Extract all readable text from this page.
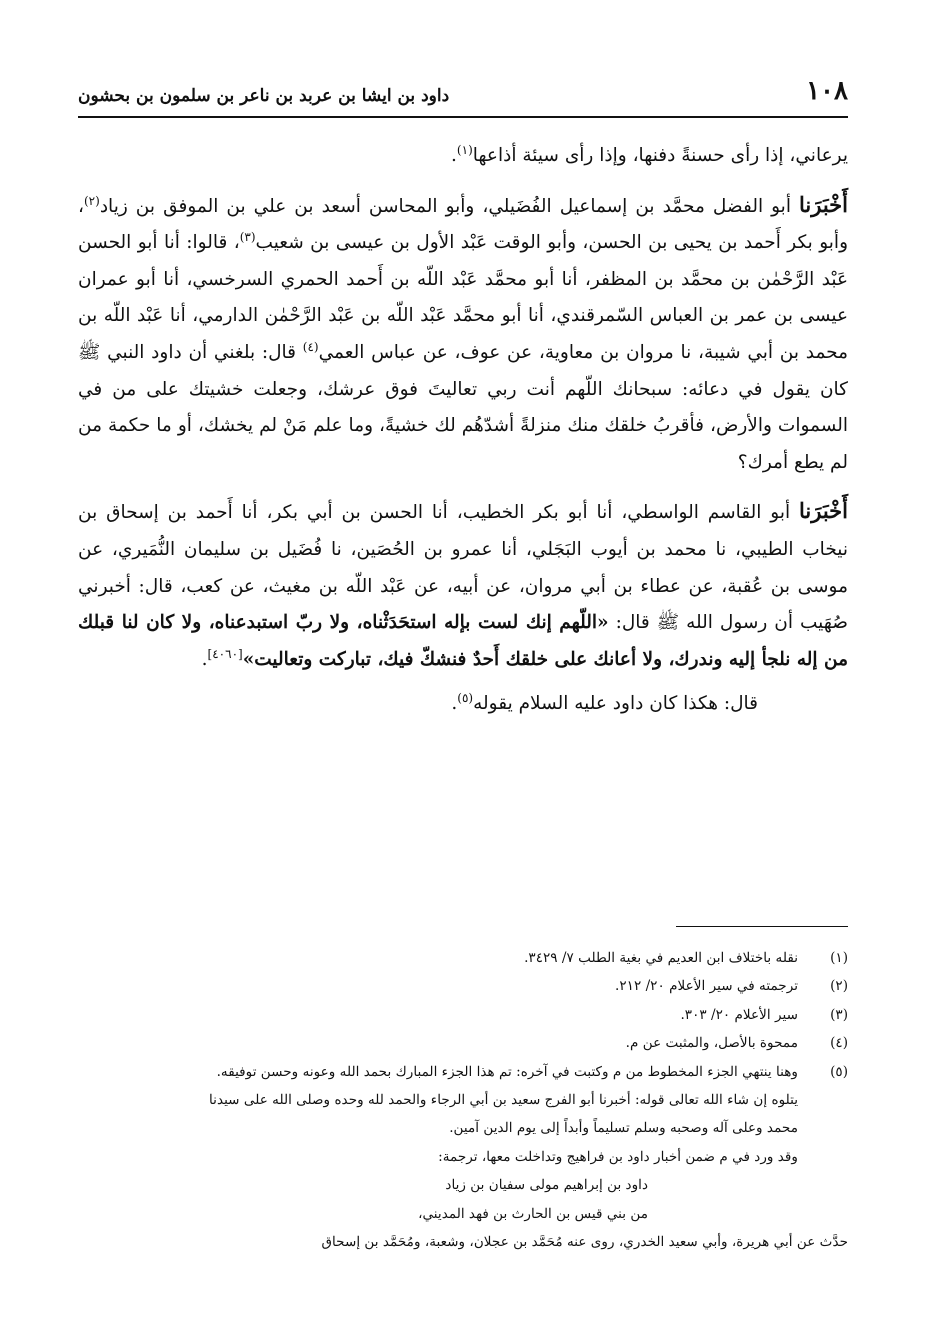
١٠٨
داود بن ايشا بن عربد بن ناعر بن سلمون بن بحشون

يرعاني، إذا رأى حسنةً دفنها، وإذا رأى سيئة أذاعها$^{(١)}$.

أَخْبَرَنا أبو الفضل محمَّد بن إسماعيل الفُضَيلي، وأبو المحاسن أسعد بن علي بن الموفق بن زياد$^{(٢)}$، وأبو بكر أَحمد بن يحيى بن الحسن، وأبو الوقت عَبْد الأول بن عيسى بن شعيب$^{(٣)}$، قالوا: أنا أبو الحسن عَبْد الرَّحْمٰن بن محمَّد بن المظفر، أنا أبو محمَّد عَبْد اللّه بن أَحمد الحمري السرخسي، أنا أبو عمران عيسى بن عمر بن العباس السّمرقندي، أنا أبو محمَّد عَبْد اللّه بن عَبْد الرَّحْمٰن الدارمي، أنا عَبْد اللّه بن محمد بن أبي شيبة، نا مروان بن معاوية، عن عوف، عن عباس العمي$^{(٤)}$ قال: بلغني أن داود النبي ﷺ كان يقول في دعائه: سبحانك اللّهم أنت ربي تعاليتَ فوق عرشك، وجعلت خشيتك على من في السموات والأرض، فأقربُ خلقك منك منزلةً أشدّهُم لك خشيةً، وما علم مَنْ لم يخشك، أو ما حكمة من لم يطع أمرك؟

أَخْبَرَنا أبو القاسم الواسطي، أنا أبو بكر الخطيب، أنا الحسن بن أبي بكر، أنا أَحمد بن إسحاق بن نيخاب الطيبي، نا محمد بن أيوب البَجَلي، أنا عمرو بن الحُصَين، نا فُضَيل بن سليمان النُّمَيري، عن موسى بن عُقبة، عن عطاء بن أبي مروان، عن أبيه، عن عَبْد اللّه بن مغيث، عن كعب، قال: أخبرني صُهَيب أن رسول الله ﷺ قال: «اللّهم إنك لست بإله استحَدَثْناه، ولا ربّ استبدعناه، ولا كان لنا قبلك من إله نلجأ إليه وندرك، ولا أعانك على خلقك أَحدٌ فنشكّ فيك، تباركت وتعاليت»[٤٠٦٠].

قال: هكذا كان داود عليه السلام يقوله$^{(٥)}$.

(١)
نقله باختلاف ابن العديم في بغية الطلب ٧/ ٣٤٢٩.
(٢)
ترجمته في سير الأعلام ٢٠/ ٢١٢.
(٣)
سير الأعلام ٢٠/ ٣٠٣.
(٤)
ممحوة بالأصل، والمثبت عن م.
(٥)
وهنا ينتهي الجزء المخطوط من م وكتبت في آخره: تم هذا الجزء المبارك بحمد الله وعونه وحسن توفيقه.
يتلوه إن شاء الله تعالى قوله: أخبرنا أبو الفرج سعيد بن أبي الرجاء والحمد لله وحده وصلى الله على سيدنا
محمد وعلى آله وصحبه وسلم تسليماً وأبداً إلى يوم الدين آمين.
وقد ورد في م ضمن أخبار داود بن فراهيج وتداخلت معها، ترجمة:
داود بن إبراهيم مولى سفيان بن زياد
من بني قيس بن الحارث بن فهد المديني،
حدَّث عن أبي هريرة، وأبي سعيد الخدري، روى عنه مُحَمَّد بن عجلان، وشعبة، ومُحَمَّد بن إسحاق
